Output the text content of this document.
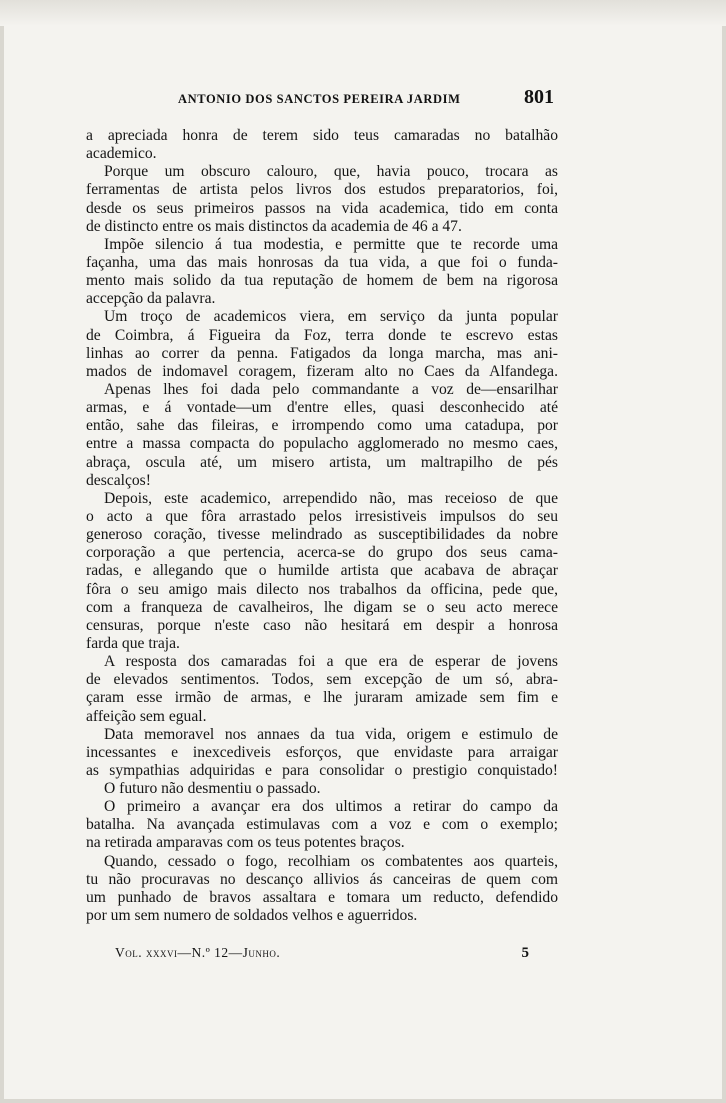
ANTONIO DOS SANCTOS PEREIRA JARDIM	801
a apreciada honra de terem sido teus camaradas no batalhão
academico.
Porque um obscuro calouro, que, havia pouco, trocara as
ferramentas de artista pelos livros dos estudos preparatorios, foi,
desde os seus primeiros passos na vida academica, tido em conta
de distincto entre os mais distinctos da academia de 46 a 47.
Impõe silencio á tua modestia, e permitte que te recorde uma
façanha, uma das mais honrosas da tua vida, a que foi o funda-
mento mais solido da tua reputação de homem de bem na rigorosa
accepção da palavra.
Um troço de academicos viera, em serviço da junta popular
de Coimbra, á Figueira da Foz, terra donde te escrevo estas
linhas ao correr da penna. Fatigados da longa marcha, mas ani-
mados de indomavel coragem, fizeram alto no Caes da Alfandega.
Apenas lhes foi dada pelo commandante a voz de—ensarilhar
armas, e á vontade—um d'entre elles, quasi desconhecido até
então, sahe das fileiras, e irrompendo como uma catadupa, por
entre a massa compacta do populacho agglomerado no mesmo caes,
abraça, oscula até, um misero artista, um maltrapilho de pés
descalços!
Depois, este academico, arrependido não, mas receioso de que
o acto a que fôra arrastado pelos irresistiveis impulsos do seu
generoso coração, tivesse melindrado as susceptibilidades da nobre
corporação a que pertencia, acerca-se do grupo dos seus cama-
radas, e allegando que o humilde artista que acabava de abraçar
fôra o seu amigo mais dilecto nos trabalhos da officina, pede que,
com a franqueza de cavalheiros, lhe digam se o seu acto merece
censuras, porque n'este caso não hesitará em despir a honrosa
farda que traja.
A resposta dos camaradas foi a que era de esperar de jovens
de elevados sentimentos. Todos, sem excepção de um só, abra-
çaram esse irmão de armas, e lhe juraram amizade sem fim e
affeição sem egual.
Data memoravel nos annaes da tua vida, origem e estimulo de
incessantes e inexcediveis esforços, que envidaste para arraigar
as sympathias adquiridas e para consolidar o prestigio conquistado!
O futuro não desmentiu o passado.
O primeiro a avançar era dos ultimos a retirar do campo da
batalha. Na avançada estimulavas com a voz e com o exemplo;
na retirada amparavas com os teus potentes braços.
Quando, cessado o fogo, recolhiam os combatentes aos quarteis,
tu não procuravas no descanço allivios ás canceiras de quem com
um punhado de bravos assaltara e tomara um reducto, defendido
por um sem numero de soldados velhos e aguerridos.
Vol. xxxvi—N.º 12—Junho.	5
